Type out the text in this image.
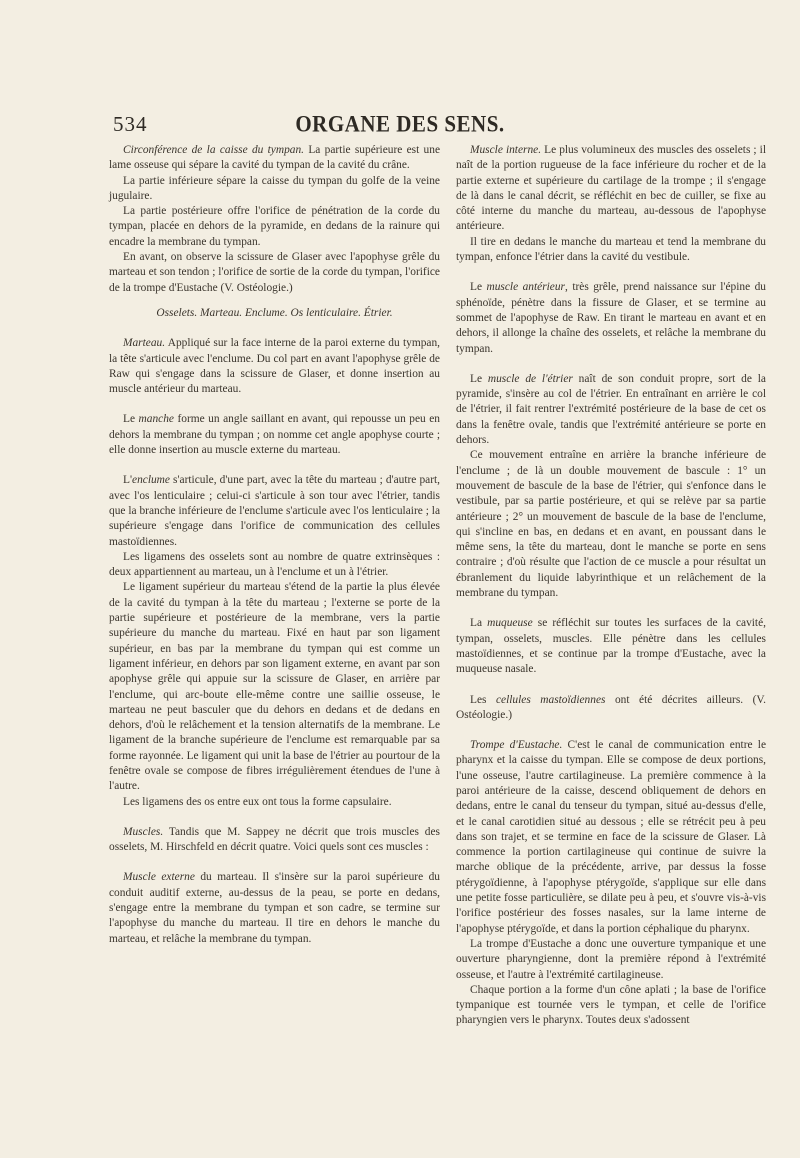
534	ORGANE DES SENS.

Circonférence de la caisse du tympan. La partie supérieure est une lame osseuse qui sépare la cavité du tympan de la cavité du crâne.

La partie inférieure sépare la caisse du tympan du golfe de la veine jugulaire.

La partie postérieure offre l'orifice de pénétration de la corde du tympan, placée en dehors de la pyramide, en dedans de la rainure qui encadre la membrane du tympan.

En avant, on observe la scissure de Glaser avec l'apophyse grêle du marteau et son tendon ; l'orifice de sortie de la corde du tympan, l'orifice de la trompe d'Eustache (V. Ostéologie.)

Osselets. Marteau. Enclume. Os lenticulaire. Étrier.

Marteau. Appliqué sur la face interne de la paroi externe du tympan, la tête s'articule avec l'enclume. Du col part en avant l'apophyse grêle de Raw qui s'engage dans la scissure de Glaser, et donne insertion au muscle antérieur du marteau.

Le manche forme un angle saillant en avant, qui repousse un peu en dehors la membrane du tympan ; on nomme cet angle apophyse courte ; elle donne insertion au muscle externe du marteau.

L'enclume s'articule, d'une part, avec la tête du marteau ; d'autre part, avec l'os lenticulaire ; celui-ci s'articule à son tour avec l'étrier, tandis que la branche inférieure de l'enclume s'articule avec l'os lenticulaire ; la supérieure s'engage dans l'orifice de communication des cellules mastoïdiennes.

Les ligamens des osselets sont au nombre de quatre extrinsèques : deux appartiennent au marteau, un à l'enclume et un à l'étrier.

Le ligament supérieur du marteau s'étend de la partie la plus élevée de la cavité du tympan à la tête du marteau ; l'externe se porte de la partie supérieure et postérieure de la membrane, vers la partie supérieure du manche du marteau. Fixé en haut par son ligament supérieur, en bas par la membrane du tympan qui est comme un ligament inférieur, en dehors par son ligament externe, en avant par son apophyse grêle qui appuie sur la scissure de Glaser, en arrière par l'enclume, qui arc-boute elle-même contre une saillie osseuse, le marteau ne peut basculer que du dehors en dedans et de dedans en dehors, d'où le relâchement et la tension alternatifs de la membrane. Le ligament de la branche supérieure de l'enclume est remarquable par sa forme rayonnée. Le ligament qui unit la base de l'étrier au pourtour de la fenêtre ovale se compose de fibres irrégulièrement étendues de l'une à l'autre.

Les ligamens des os entre eux ont tous la forme capsulaire.

Muscles. Tandis que M. Sappey ne décrit que trois muscles des osselets, M. Hirschfeld en décrit quatre. Voici quels sont ces muscles :

Muscle externe du marteau. Il s'insère sur la paroi supérieure du conduit auditif externe, au-dessus de la peau, se porte en dedans, s'engage entre la membrane du tympan et son cadre, se termine sur l'apophyse du manche du marteau. Il tire en dehors le manche du marteau, et relâche la membrane du tympan.

Muscle interne. Le plus volumineux des muscles des osselets ; il naît de la portion rugueuse de la face inférieure du rocher et de la partie externe et supérieure du cartilage de la trompe ; il s'engage de là dans le canal décrit, se réfléchit en bec de cuiller, se fixe au côté interne du manche du marteau, au-dessous de l'apophyse antérieure.

Il tire en dedans le manche du marteau et tend la membrane du tympan, enfonce l'étrier dans la cavité du vestibule.

Le muscle antérieur, très grêle, prend naissance sur l'épine du sphénoïde, pénètre dans la fissure de Glaser, et se termine au sommet de l'apophyse de Raw. En tirant le marteau en avant et en dehors, il allonge la chaîne des osselets, et relâche la membrane du tympan.

Le muscle de l'étrier naît de son conduit propre, sort de la pyramide, s'insère au col de l'étrier. En entraînant en arrière le col de l'étrier, il fait rentrer l'extrémité postérieure de la base de cet os dans la fenêtre ovale, tandis que l'extrémité antérieure se porte en dehors.

Ce mouvement entraîne en arrière la branche inférieure de l'enclume ; de là un double mouvement de bascule : 1° un mouvement de bascule de la base de l'étrier, qui s'enfonce dans le vestibule, par sa partie postérieure, et qui se relève par sa partie antérieure ; 2° un mouvement de bascule de la base de l'enclume, qui s'incline en bas, en dedans et en avant, en poussant dans le même sens, la tête du marteau, dont le manche se porte en sens contraire ; d'où résulte que l'action de ce muscle a pour résultat un ébranlement du liquide labyrinthique et un relâchement de la membrane du tympan.

La muqueuse se réfléchit sur toutes les surfaces de la cavité, tympan, osselets, muscles. Elle pénètre dans les cellules mastoïdiennes, et se continue par la trompe d'Eustache, avec la muqueuse nasale.

Les cellules mastoïdiennes ont été décrites ailleurs. (V. Ostéologie.)

Trompe d'Eustache. C'est le canal de communication entre le pharynx et la caisse du tympan. Elle se compose de deux portions, l'une osseuse, l'autre cartilagineuse. La première commence à la paroi antérieure de la caisse, descend obliquement de dehors en dedans, entre le canal du tenseur du tympan, situé au-dessus d'elle, et le canal carotidien situé au dessous ; elle se rétrécit peu à peu dans son trajet, et se termine en face de la scissure de Glaser. Là commence la portion cartilagineuse qui continue de suivre la marche oblique de la précédente, arrive, par dessus la fosse ptérygoïdienne, à l'apophyse ptérygoïde, s'applique sur elle dans une petite fosse particulière, se dilate peu à peu, et s'ouvre vis-à-vis l'orifice postérieur des fosses nasales, sur la lame interne de l'apophyse ptérygoïde, et dans la portion céphalique du pharynx.

La trompe d'Eustache a donc une ouverture tympanique et une ouverture pharyngienne, dont la première répond à l'extrémité osseuse, et l'autre à l'extrémité cartilagineuse.

Chaque portion a la forme d'un cône aplati ; la base de l'orifice tympanique est tournée vers le tympan, et celle de l'orifice pharyngien vers le pharynx. Toutes deux s'adossent
